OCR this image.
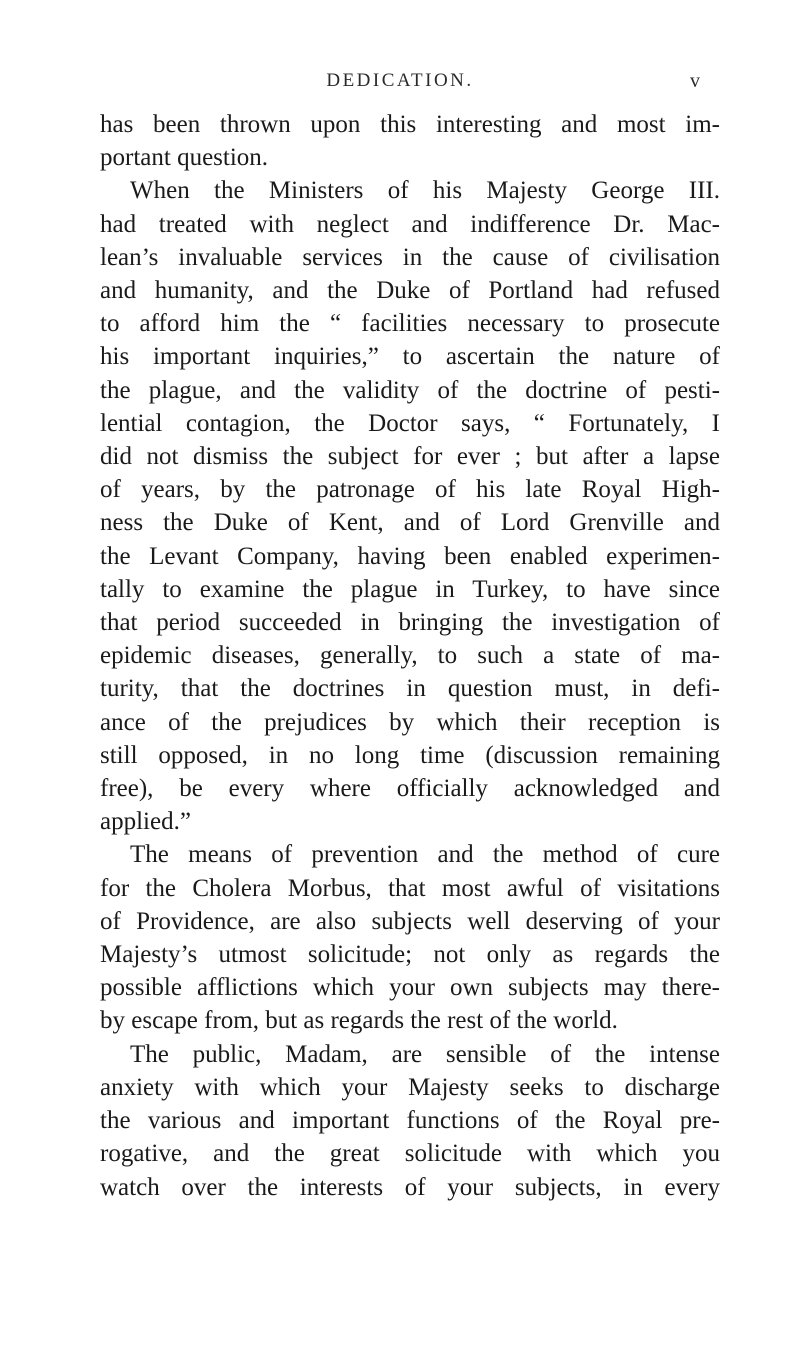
DEDICATION.	v
has been thrown upon this interesting and most im-
portant question.
When the Ministers of his Majesty George III.
had treated with neglect and indifference Dr. Mac-
lean’s invaluable services in the cause of civilisation
and humanity, and the Duke of Portland had refused
to afford him the “ facilities necessary to prosecute
his important inquiries,” to ascertain the nature of
the plague, and the validity of the doctrine of pesti-
lential contagion, the Doctor says, “ Fortunately, I
did not dismiss the subject for ever ; but after a lapse
of years, by the patronage of his late Royal High-
ness the Duke of Kent, and of Lord Grenville and
the Levant Company, having been enabled experimen-
tally to examine the plague in Turkey, to have since
that period succeeded in bringing the investigation of
epidemic diseases, generally, to such a state of ma-
turity, that the doctrines in question must, in defi-
ance of the prejudices by which their reception is
still opposed, in no long time (discussion remaining
free), be every where officially acknowledged and
applied.”
The means of prevention and the method of cure
for the Cholera Morbus, that most awful of visitations
of Providence, are also subjects well deserving of your
Majesty’s utmost solicitude; not only as regards the
possible afflictions which your own subjects may there-
by escape from, but as regards the rest of the world.
The public, Madam, are sensible of the intense
anxiety with which your Majesty seeks to discharge
the various and important functions of the Royal pre-
rogative, and the great solicitude with which you
watch over the interests of your subjects, in every
